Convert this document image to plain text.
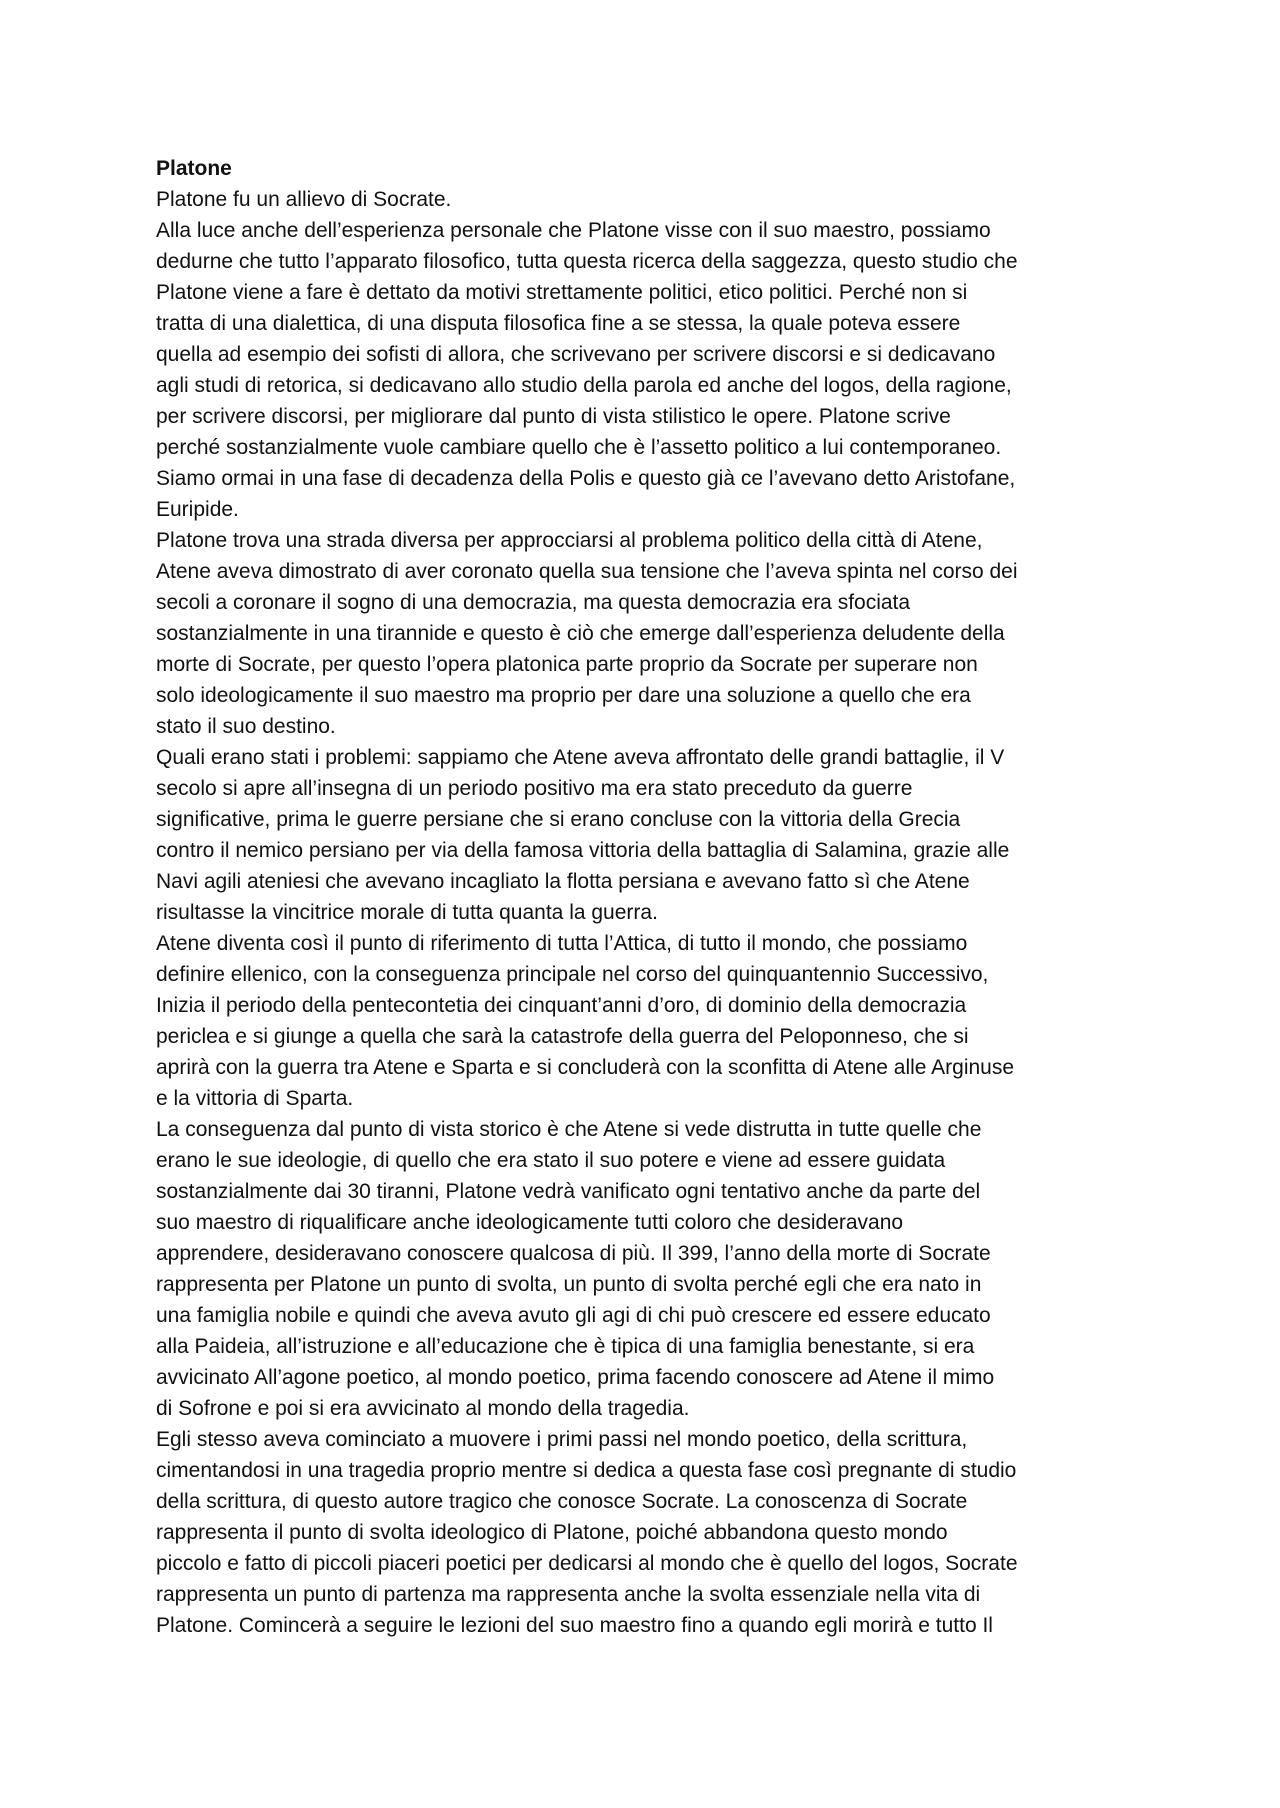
Platone
Platone fu un allievo di Socrate.
Alla luce anche dell’esperienza personale che Platone visse con il suo maestro, possiamo
dedurne che tutto l’apparato filosofico, tutta questa ricerca della saggezza, questo studio che
Platone viene a fare è dettato da motivi strettamente politici, etico politici. Perché non si
tratta di una dialettica, di una disputa filosofica fine a se stessa, la quale poteva essere
quella ad esempio dei sofisti di allora, che scrivevano per scrivere discorsi e si dedicavano
agli studi di retorica, si dedicavano allo studio della parola ed anche del logos, della ragione,
per scrivere discorsi, per migliorare dal punto di vista stilistico le opere. Platone scrive
perché sostanzialmente vuole cambiare quello che è l’assetto politico a lui contemporaneo.
Siamo ormai in una fase di decadenza della Polis e questo già ce l’avevano detto Aristofane,
Euripide.
Platone trova una strada diversa per approcciarsi al problema politico della città di Atene,
Atene aveva dimostrato di aver coronato quella sua tensione che l’aveva spinta nel corso dei
secoli a coronare il sogno di una democrazia, ma questa democrazia era sfociata
sostanzialmente in una tirannide e questo è ciò che emerge dall’esperienza deludente della
morte di Socrate, per questo l’opera platonica parte proprio da Socrate per superare non
solo ideologicamente il suo maestro ma proprio per dare una soluzione a quello che era
stato il suo destino.
Quali erano stati i problemi: sappiamo che Atene aveva affrontato delle grandi battaglie, il V
secolo si apre all’insegna di un periodo positivo ma era stato preceduto da guerre
significative, prima le guerre persiane che si erano concluse con la vittoria della Grecia
contro il nemico persiano per via della famosa vittoria della battaglia di Salamina, grazie alle
Navi agili ateniesi che avevano incagliato la flotta persiana e avevano fatto sì che Atene
risultasse la vincitrice morale di tutta quanta la guerra.
Atene diventa così il punto di riferimento di tutta l’Attica, di tutto il mondo, che possiamo
definire ellenico, con la conseguenza principale nel corso del quinquantennio Successivo,
Inizia il periodo della pentecontetia dei cinquant’anni d’oro, di dominio della democrazia
periclea e si giunge a quella che sarà la catastrofe della guerra del Peloponneso, che si
aprirà con la guerra tra Atene e Sparta e si concluderà con la sconfitta di Atene alle Arginuse
e la vittoria di Sparta.
La conseguenza dal punto di vista storico è che Atene si vede distrutta in tutte quelle che
erano le sue ideologie, di quello che era stato il suo potere e viene ad essere guidata
sostanzialmente dai 30 tiranni, Platone vedrà vanificato ogni tentativo anche da parte del
suo maestro di riqualificare anche ideologicamente tutti coloro che desideravano
apprendere, desideravano conoscere qualcosa di più. Il 399, l’anno della morte di Socrate
rappresenta per Platone un punto di svolta, un punto di svolta perché egli che era nato in
una famiglia nobile e quindi che aveva avuto gli agi di chi può crescere ed essere educato
alla Paideia, all’istruzione e all’educazione che è tipica di una famiglia benestante, si era
avvicinato All’agone poetico, al mondo poetico, prima facendo conoscere ad Atene il mimo
di Sofrone e poi si era avvicinato al mondo della tragedia.
Egli stesso aveva cominciato a muovere i primi passi nel mondo poetico, della scrittura,
cimentandosi in una tragedia proprio mentre si dedica a questa fase così pregnante di studio
della scrittura, di questo autore tragico che conosce Socrate. La conoscenza di Socrate
rappresenta il punto di svolta ideologico di Platone, poiché abbandona questo mondo
piccolo e fatto di piccoli piaceri poetici per dedicarsi al mondo che è quello del logos, Socrate
rappresenta un punto di partenza ma rappresenta anche la svolta essenziale nella vita di
Platone. Comincerà a seguire le lezioni del suo maestro fino a quando egli morirà e tutto Il
